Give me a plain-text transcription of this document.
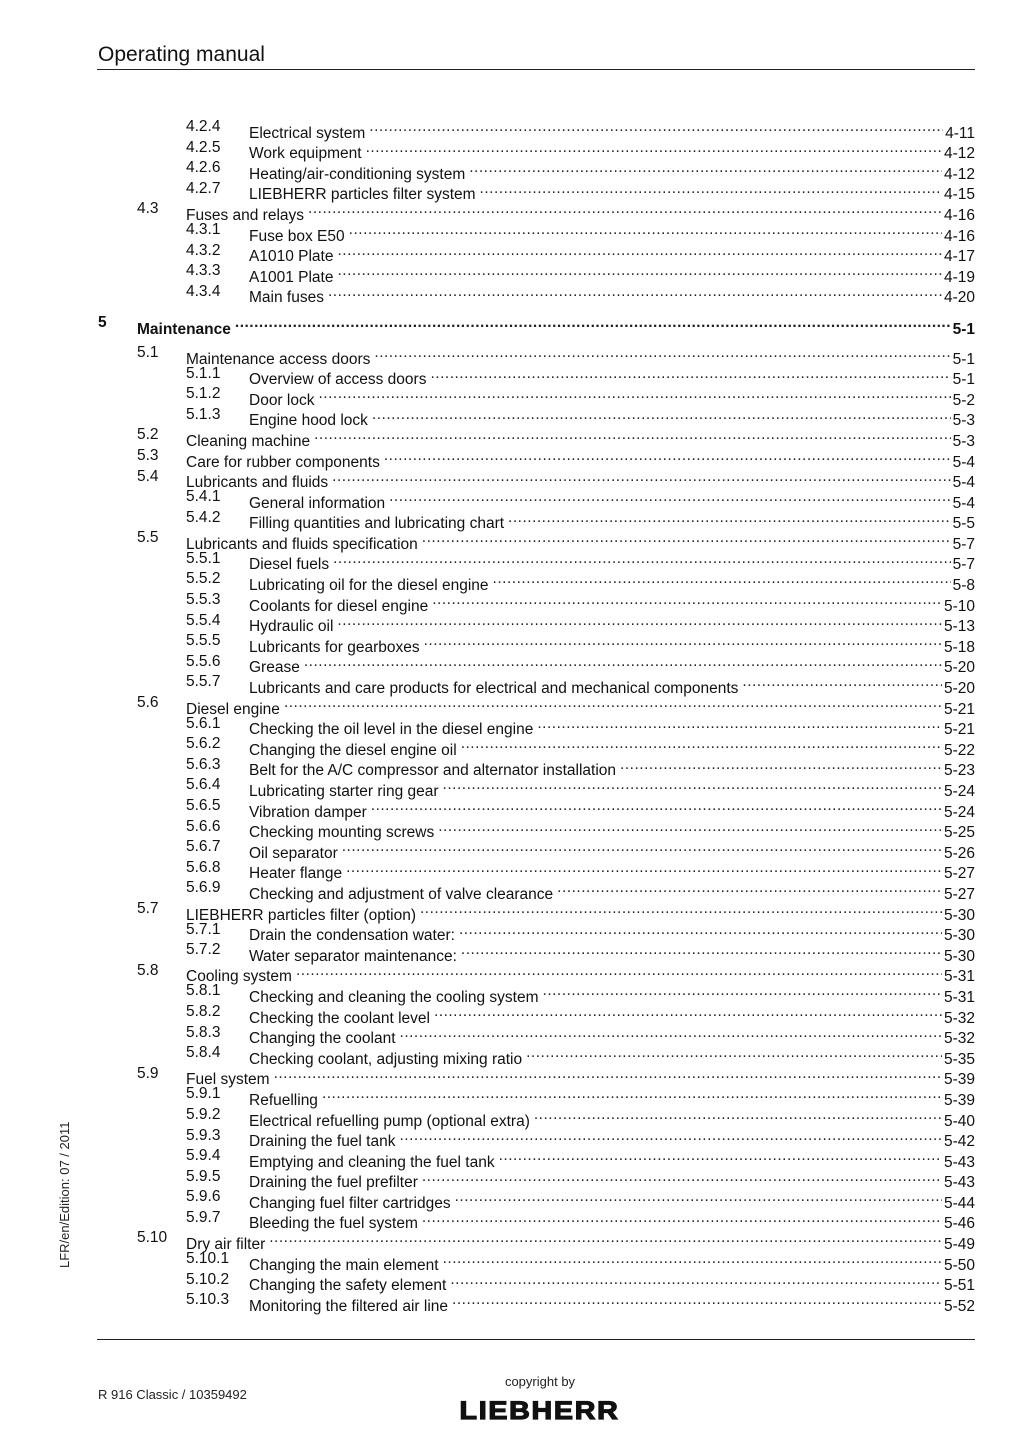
Operating manual
4.2.4 Electrical system .....	4-11
4.2.5 Work equipment .....	4-12
4.2.6 Heating/air-conditioning system .....	4-12
4.2.7 LIEBHERR particles filter system .....	4-15
4.3 Fuses and relays .....	4-16
4.3.1 Fuse box E50 .....	4-16
4.3.2 A1010 Plate .....	4-17
4.3.3 A1001 Plate .....	4-19
4.3.4 Main fuses .....	4-20
5 Maintenance .....	5-1
5.1 Maintenance access doors .....	5-1
5.1.1 Overview of access doors .....	5-1
5.1.2 Door lock .....	5-2
5.1.3 Engine hood lock .....	5-3
5.2 Cleaning machine .....	5-3
5.3 Care for rubber components .....	5-4
5.4 Lubricants and fluids .....	5-4
5.4.1 General information .....	5-4
5.4.2 Filling quantities and lubricating chart .....	5-5
5.5 Lubricants and fluids specification .....	5-7
5.5.1 Diesel fuels .....	5-7
5.5.2 Lubricating oil for the diesel engine .....	5-8
5.5.3 Coolants for diesel engine .....	5-10
5.5.4 Hydraulic oil .....	5-13
5.5.5 Lubricants for gearboxes .....	5-18
5.5.6 Grease .....	5-20
5.5.7 Lubricants and care products for electrical and mechanical components .....	5-20
5.6 Diesel engine .....	5-21
5.6.1 Checking the oil level in the diesel engine .....	5-21
5.6.2 Changing the diesel engine oil .....	5-22
5.6.3 Belt for the A/C compressor and alternator installation .....	5-23
5.6.4 Lubricating starter ring gear .....	5-24
5.6.5 Vibration damper .....	5-24
5.6.6 Checking mounting screws .....	5-25
5.6.7 Oil separator .....	5-26
5.6.8 Heater flange .....	5-27
5.6.9 Checking and adjustment of valve clearance .....	5-27
5.7 LIEBHERR particles filter (option) .....	5-30
5.7.1 Drain the condensation water: .....	5-30
5.7.2 Water separator maintenance: .....	5-30
5.8 Cooling system .....	5-31
5.8.1 Checking and cleaning the cooling system .....	5-31
5.8.2 Checking the coolant level .....	5-32
5.8.3 Changing the coolant .....	5-32
5.8.4 Checking coolant, adjusting mixing ratio .....	5-35
5.9 Fuel system .....	5-39
5.9.1 Refuelling .....	5-39
5.9.2 Electrical refuelling pump (optional extra) .....	5-40
5.9.3 Draining the fuel tank .....	5-42
5.9.4 Emptying and cleaning the fuel tank .....	5-43
5.9.5 Draining the fuel prefilter .....	5-43
5.9.6 Changing fuel filter cartridges .....	5-44
5.9.7 Bleeding the fuel system .....	5-46
5.10 Dry air filter .....	5-49
5.10.1 Changing the main element .....	5-50
5.10.2 Changing the safety element .....	5-51
5.10.3 Monitoring the filtered air line .....	5-52
LFR/en/Edition: 07 / 2011
R 916 Classic / 10359492
copyright by
LIEBHERR
